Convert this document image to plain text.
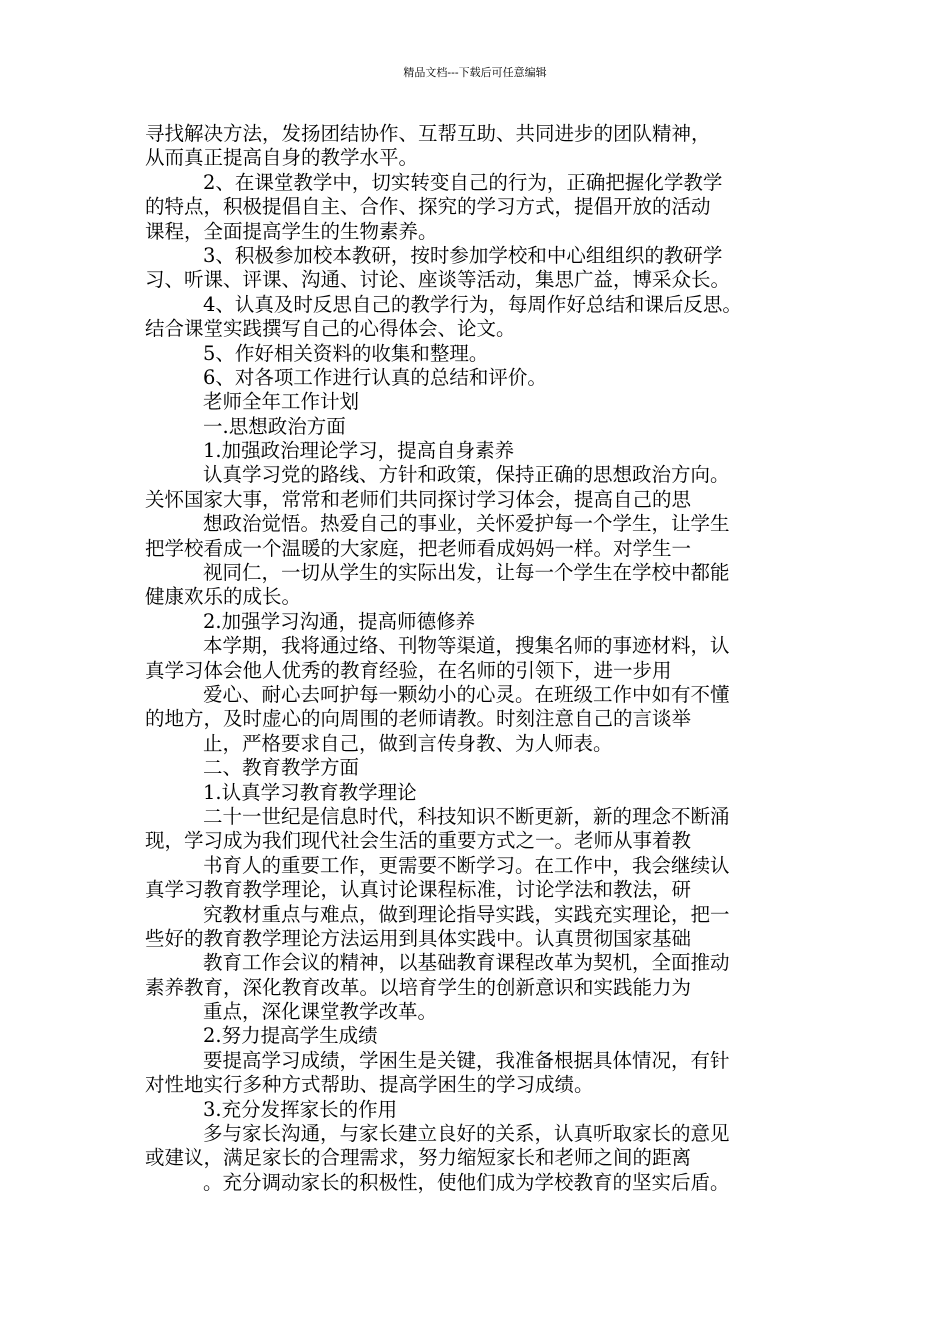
精品文档---下载后可任意编辑
寻找解决方法，发扬团结协作、互帮互助、共同进步的团队精神，
从而真正提高自身的教学水平。
2、在课堂教学中，切实转变自己的行为，正确把握化学教学
的特点，积极提倡自主、合作、探究的学习方式，提倡开放的活动
课程，全面提高学生的生物素养。
3、积极参加校本教研，按时参加学校和中心组组织的教研学
习、听课、评课、沟通、讨论、座谈等活动，集思广益，博采众长。
4、认真及时反思自己的教学行为，每周作好总结和课后反思。
结合课堂实践撰写自己的心得体会、论文。
5、作好相关资料的收集和整理。
6、对各项工作进行认真的总结和评价。
老师全年工作计划
一.思想政治方面
1.加强政治理论学习，提高自身素养
认真学习党的路线、方针和政策，保持正确的思想政治方向。
关怀国家大事，常常和老师们共同探讨学习体会，提高自己的思
想政治觉悟。热爱自己的事业，关怀爱护每一个学生，让学生
把学校看成一个温暖的大家庭，把老师看成妈妈一样。对学生一
视同仁，一切从学生的实际出发，让每一个学生在学校中都能
健康欢乐的成长。
2.加强学习沟通，提高师德修养
本学期，我将通过络、刊物等渠道，搜集名师的事迹材料，认
真学习体会他人优秀的教育经验，在名师的引领下，进一步用
爱心、耐心去呵护每一颗幼小的心灵。在班级工作中如有不懂
的地方，及时虚心的向周围的老师请教。时刻注意自己的言谈举
止，严格要求自己，做到言传身教、为人师表。
二、教育教学方面
1.认真学习教育教学理论
二十一世纪是信息时代，科技知识不断更新，新的理念不断涌
现，学习成为我们现代社会生活的重要方式之一。老师从事着教
书育人的重要工作，更需要不断学习。在工作中，我会继续认
真学习教育教学理论，认真讨论课程标准，讨论学法和教法，研
究教材重点与难点，做到理论指导实践，实践充实理论，把一
些好的教育教学理论方法运用到具体实践中。认真贯彻国家基础
教育工作会议的精神，以基础教育课程改革为契机，全面推动
素养教育，深化教育改革。以培育学生的创新意识和实践能力为
重点，深化课堂教学改革。
2.努力提高学生成绩
要提高学习成绩，学困生是关键，我准备根据具体情况，有针
对性地实行多种方式帮助、提高学困生的学习成绩。
3.充分发挥家长的作用
多与家长沟通，与家长建立良好的关系，认真听取家长的意见
或建议，满足家长的合理需求，努力缩短家长和老师之间的距离
。充分调动家长的积极性，使他们成为学校教育的坚实后盾。
